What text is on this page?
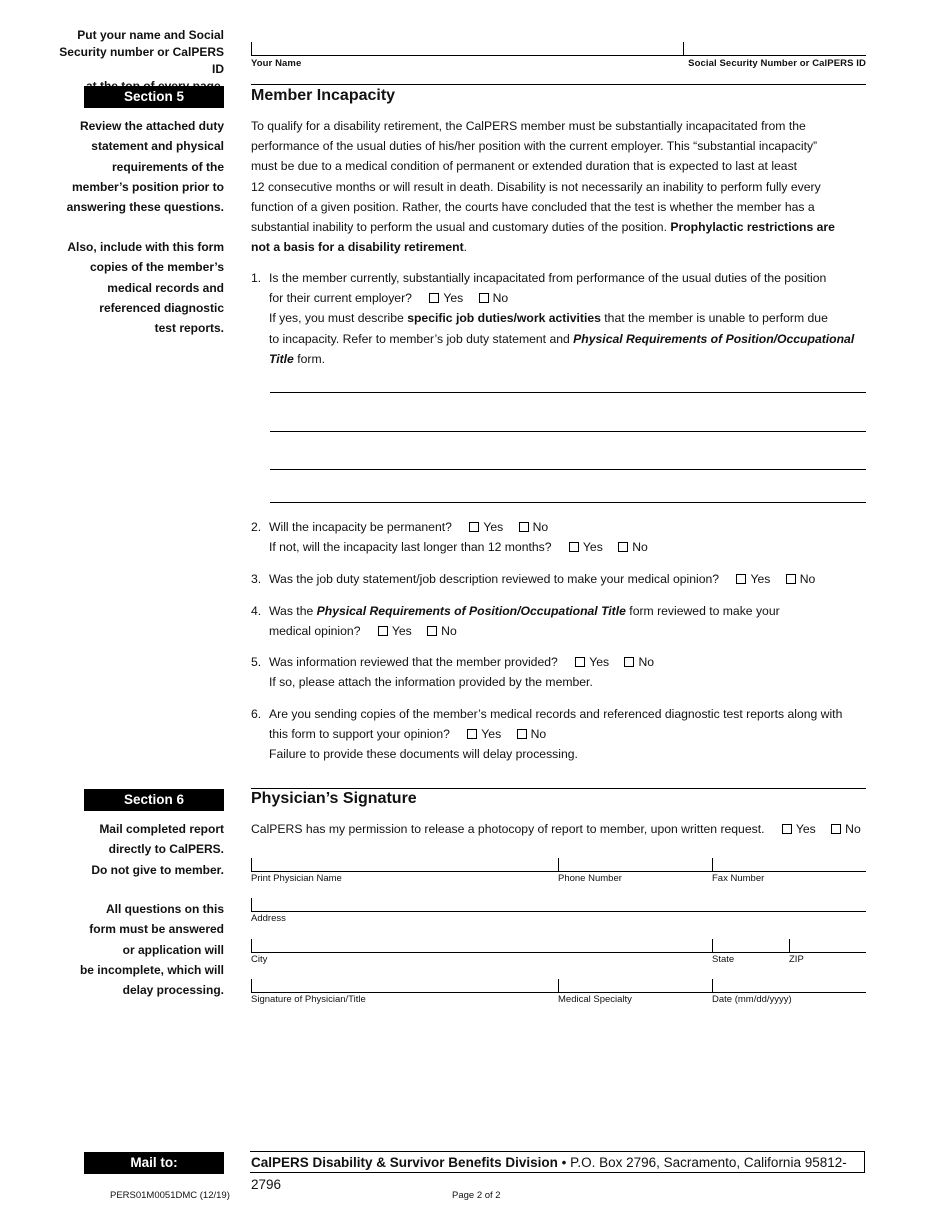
Put your name and Social
Security number or CalPERS ID	Your Name	Social Security Number or CalPERS ID
Section 5	Member Incapacity
Review the attached duty
statement and physical
requirements of the
member’s position prior to
answering these questions.
Also, include with this form
copies of the member’s
medical records and
referenced diagnostic
test reports.
To qualify for a disability retirement, the CalPERS member must be substantially incapacitated from the
performance of the usual duties of his/her position with the current employer. This “substantial incapacity”
must be due to a medical condition of permanent or extended duration that is expected to last at least
12 consecutive months or will result in death. Disability is not necessarily an inability to perform fully every
function of a given position. Rather, the courts have concluded that the test is whether the member has a
substantial inability to perform the usual and customary duties of the position. Prophylactic restrictions are
not a basis for a disability retirement.
1. Is the member currently, substantially incapacitated from performance of the usual duties of the position
for their current employer?	Yes No
If yes, you must describe specific job duties/work activities that the member is unable to perform due
to incapacity. Refer to member’s job duty statement and Physical Requirements of Position/Occupational
Title form.
2. Will the incapacity be permanent?	Yes No
If not, will the incapacity last longer than 12 months?	Yes No
3. Was the job duty statement/job description reviewed to make your medical opinion?	Yes No
4. Was the Physical Requirements of Position/Occupational Title form reviewed to make your
medical opinion?	Yes No
5. Was information reviewed that the member provided?	Yes No
If so, please attach the information provided by the member.
6. Are you sending copies of the member’s medical records and referenced diagnostic test reports along with
this form to support your opinion?	Yes No
Failure to provide these documents will delay processing.
Section 6	Physician’s Signature
Mail completed report
directly to CalPERS.
Do not give to member.
All questions on this
form must be answered
or application will
be incomplete, which will
delay processing.
CalPERS has my permission to release a photocopy of report to member, upon written request.	Yes No
Print Physician Name	Phone Number	Fax Number
Address
City	State	ZIP
Signature of Physician/Title	Medical Specialty	Date (mm/dd/yyyy)
Mail to:	CalPERS Disability & Survivor Benefits Division • P.O. Box 2796, Sacramento, California 95812-2796
PERS01M0051DMC (12/19)	Page 2 of 2
